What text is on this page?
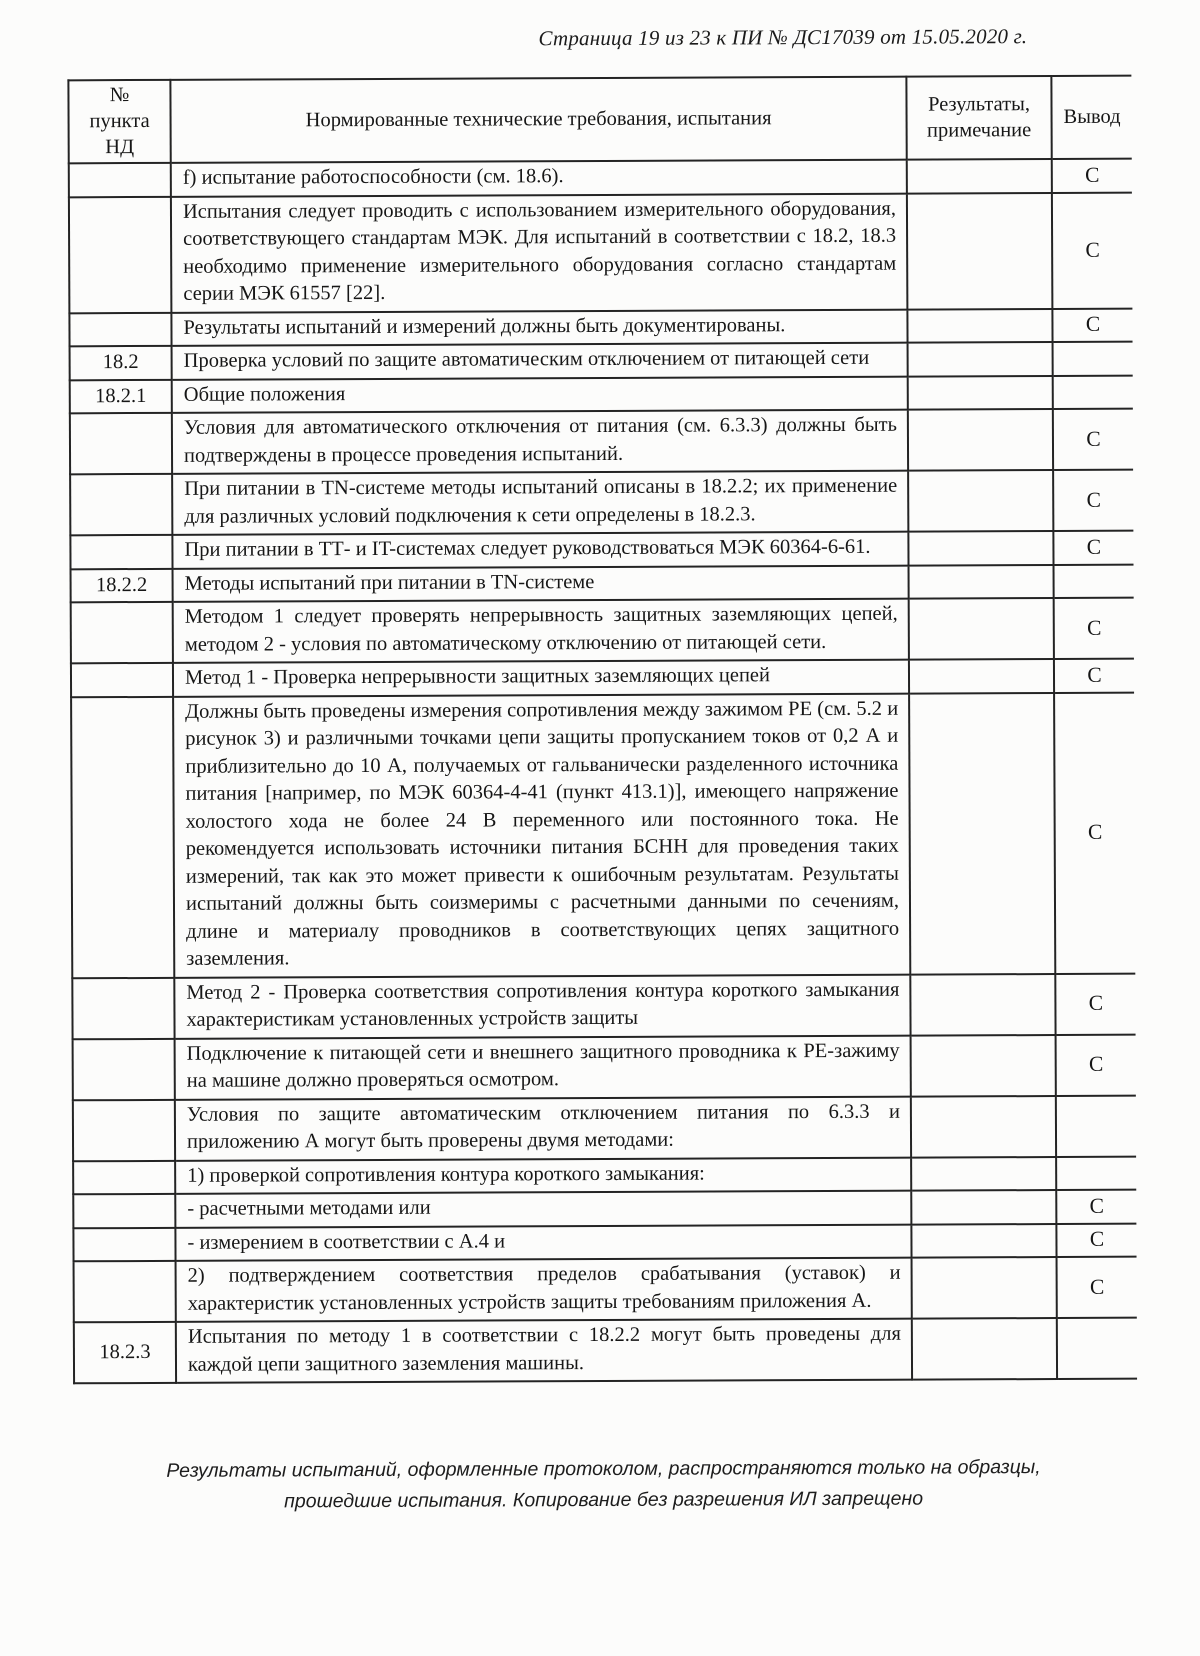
Страница 19 из 23 к ПИ № ДС17039 от 15.05.2020 г.
№ пункта НД	Нормированные технические требования, испытания	Результаты, примечание	Вывод

	f) испытание работоспособности (см. 18.6).		С
	Испытания следует проводить с использованием измерительного оборудования, соответствующего стандартам МЭК. Для испытаний в соответствии с 18.2, 18.3 необходимо применение измерительного оборудования согласно стандартам серии МЭК 61557 [22].		С
	Результаты испытаний и измерений должны быть документированы.		С
18.2	Проверка условий по защите автоматическим отключением от питающей сети		
18.2.1	Общие положения		
	Условия для автоматического отключения от питания (см. 6.3.3) должны быть подтверждены в процессе проведения испытаний.		С
	При питании в TN-системе методы испытаний описаны в 18.2.2; их применение для различных условий подключения к сети определены в 18.2.3.		С
	При питании в ТТ- и IT-системах следует руководствоваться МЭК 60364-6-61.		С
18.2.2	Методы испытаний при питании в TN-системе		
	Методом 1 следует проверять непрерывность защитных заземляющих цепей, методом 2 - условия по автоматическому отключению от питающей сети.		С
	Метод 1 - Проверка непрерывности защитных заземляющих цепей		С
	Должны быть проведены измерения сопротивления между зажимом РЕ (см. 5.2 и рисунок 3) и различными точками цепи защиты пропусканием токов от 0,2 А и приблизительно до 10 А, получаемых от гальванически разделенного источника питания [например, по МЭК 60364-4-41 (пункт 413.1)], имеющего напряжение холостого хода не более 24 В переменного или постоянного тока. Не рекомендуется использовать источники питания БСНН для проведения таких измерений, так как это может привести к ошибочным результатам. Результаты испытаний должны быть соизмеримы с расчетными данными по сечениям, длине и материалу проводников в соответствующих цепях защитного заземления.		С
	Метод 2 - Проверка соответствия сопротивления контура короткого замыкания характеристикам установленных устройств защиты		С
	Подключение к питающей сети и внешнего защитного проводника к РЕ-зажиму на машине должно проверяться осмотром.		С
	Условия по защите автоматическим отключением питания по 6.3.3 и приложению А могут быть проверены двумя методами:		
	1) проверкой сопротивления контура короткого замыкания:		
	- расчетными методами или		С
	- измерением в соответствии с А.4 и		С
	2) подтверждением соответствия пределов срабатывания (уставок) и характеристик установленных устройств защиты требованиям приложения А.		С
18.2.3	Испытания по методу 1 в соответствии с 18.2.2 могут быть проведены для каждой цепи защитного заземления машины.		
Результаты испытаний, оформленные протоколом, распространяются только на образцы,
прошедшие испытания. Копирование без разрешения ИЛ запрещено
